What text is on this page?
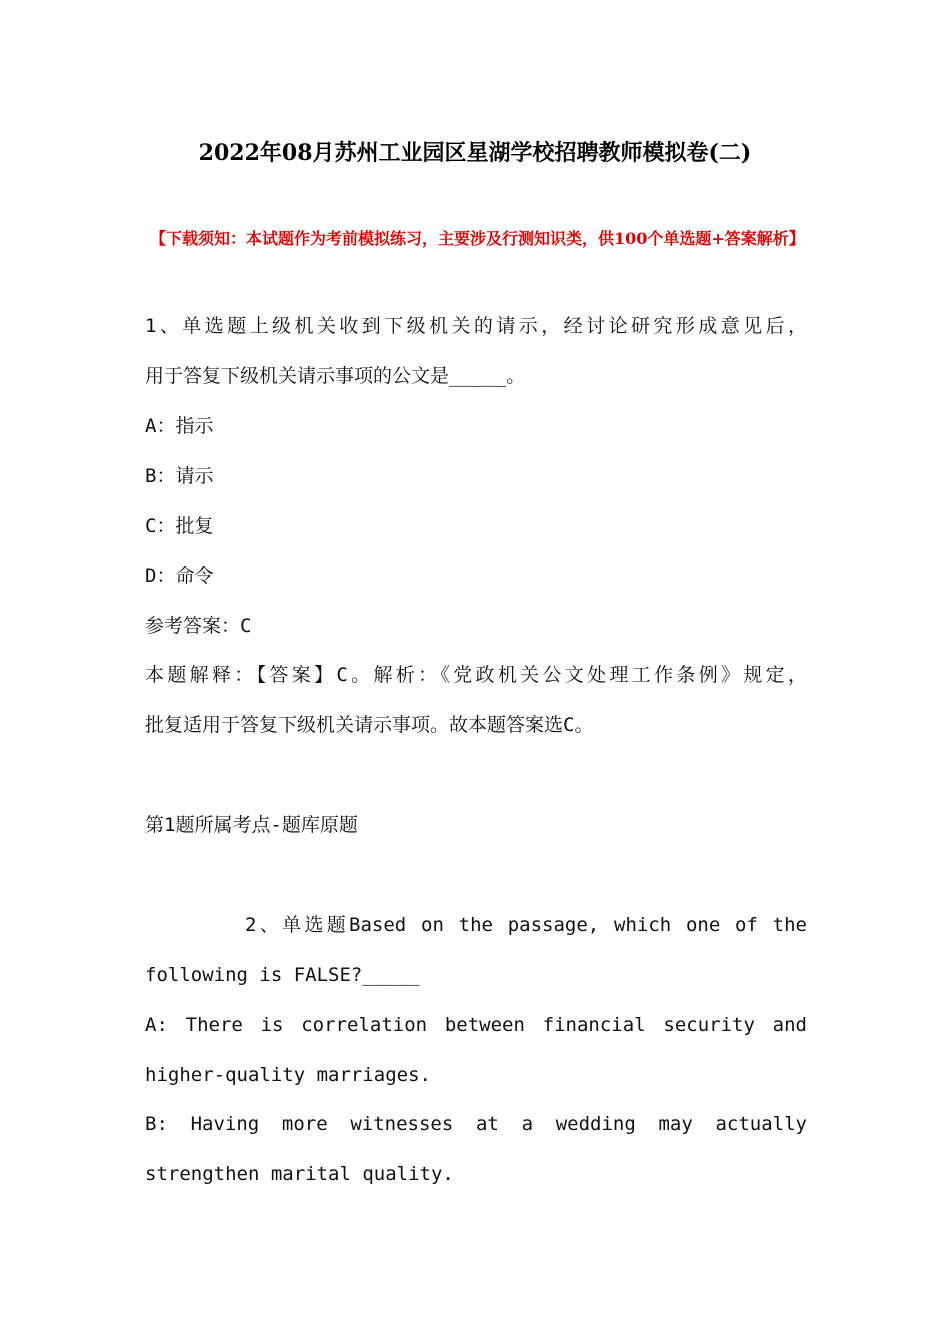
2022年08月苏州工业园区星湖学校招聘教师模拟卷(二)
【下载须知：本试题作为考前模拟练习，主要涉及行测知识类，供100个单选题+答案解析】
1、单选题上级机关收到下级机关的请示，经讨论研究形成意见后，
用于答复下级机关请示事项的公文是_____。
A：指示
B：请示
C：批复
D：命令
参考答案：C
本题解释：【答案】C。解析：《党政机关公文处理工作条例》规定，
批复适用于答复下级机关请示事项。故本题答案选C。
第1题所属考点-题库原题
2、单选题Based on the passage, which one of the
following is FALSE?_____
A: There is correlation between financial security and
higher-quality marriages.
B: Having more witnesses at a wedding may actually
strengthen marital quality.
